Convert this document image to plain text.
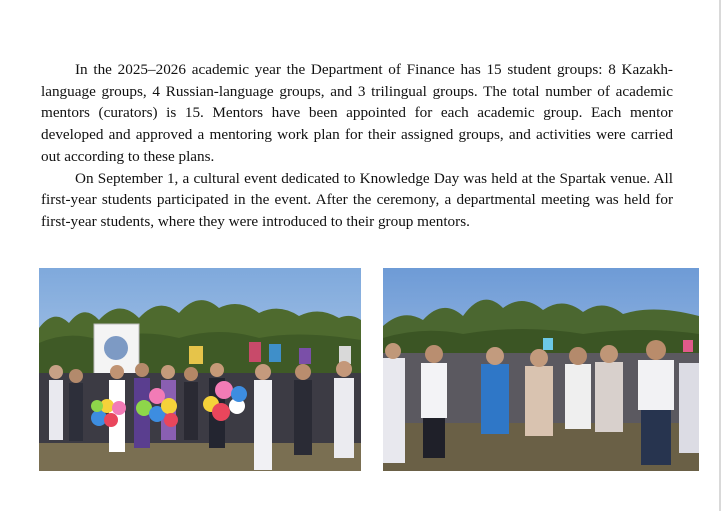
In the 2025–2026 academic year the Department of Finance has 15 student groups: 8 Kazakh-language groups, 4 Russian-language groups, and 3 trilingual groups. The total number of academic mentors (curators) is 15. Mentors have been appointed for each academic group. Each mentor developed and approved a mentoring work plan for their assigned groups, and activities were carried out according to these plans.

On September 1, a cultural event dedicated to Knowledge Day was held at the Spartak venue. All first-year students participated in the event. After the ceremony, a departmental meeting was held for first-year students, where they were introduced to their group mentors.
